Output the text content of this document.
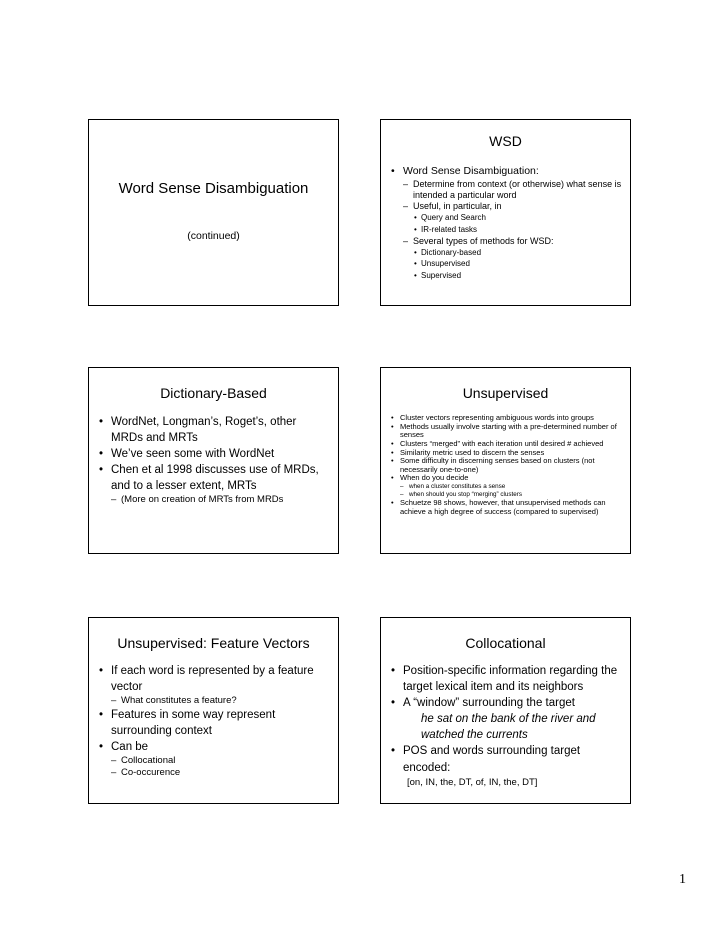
Word Sense Disambiguation
(continued)
WSD
• Word Sense Disambiguation:
– Determine from context (or otherwise) what sense is intended a particular word
– Useful, in particular, in
• Query and Search
• IR-related tasks
– Several types of methods for WSD:
• Dictionary-based
• Unsupervised
• Supervised
Dictionary-Based
• WordNet, Longman’s, Roget’s, other MRDs and MRTs
• We’ve seen some with WordNet
• Chen et al 1998 discusses use of MRDs, and to a lesser extent, MRTs
– (More on creation of MRTs from MRDs
Unsupervised
• Cluster vectors representing ambiguous words into groups
• Methods usually involve starting with a pre-determined number of senses
• Clusters “merged” with each iteration until desired # achieved
• Similarity metric used to discern the senses
• Some difficulty in discerning senses based on clusters (not necessarily one-to-one)
• When do you decide
– when a cluster constitutes a sense
– when should you stop “merging” clusters
• Schuetze 98 shows, however, that unsupervised methods can achieve a high degree of success (compared to supervised)
Unsupervised: Feature Vectors
• If each word is represented by a feature vector
– What constitutes a feature?
• Features in some way represent surrounding context
• Can be
– Collocational
– Co-occurence
Collocational
• Position-specific information regarding the target lexical item and its neighbors
• A “window” surrounding the target
he sat on the bank of the river and watched the currents
• POS and words surrounding target encoded:
[on, IN, the, DT, of, IN, the, DT]
1
